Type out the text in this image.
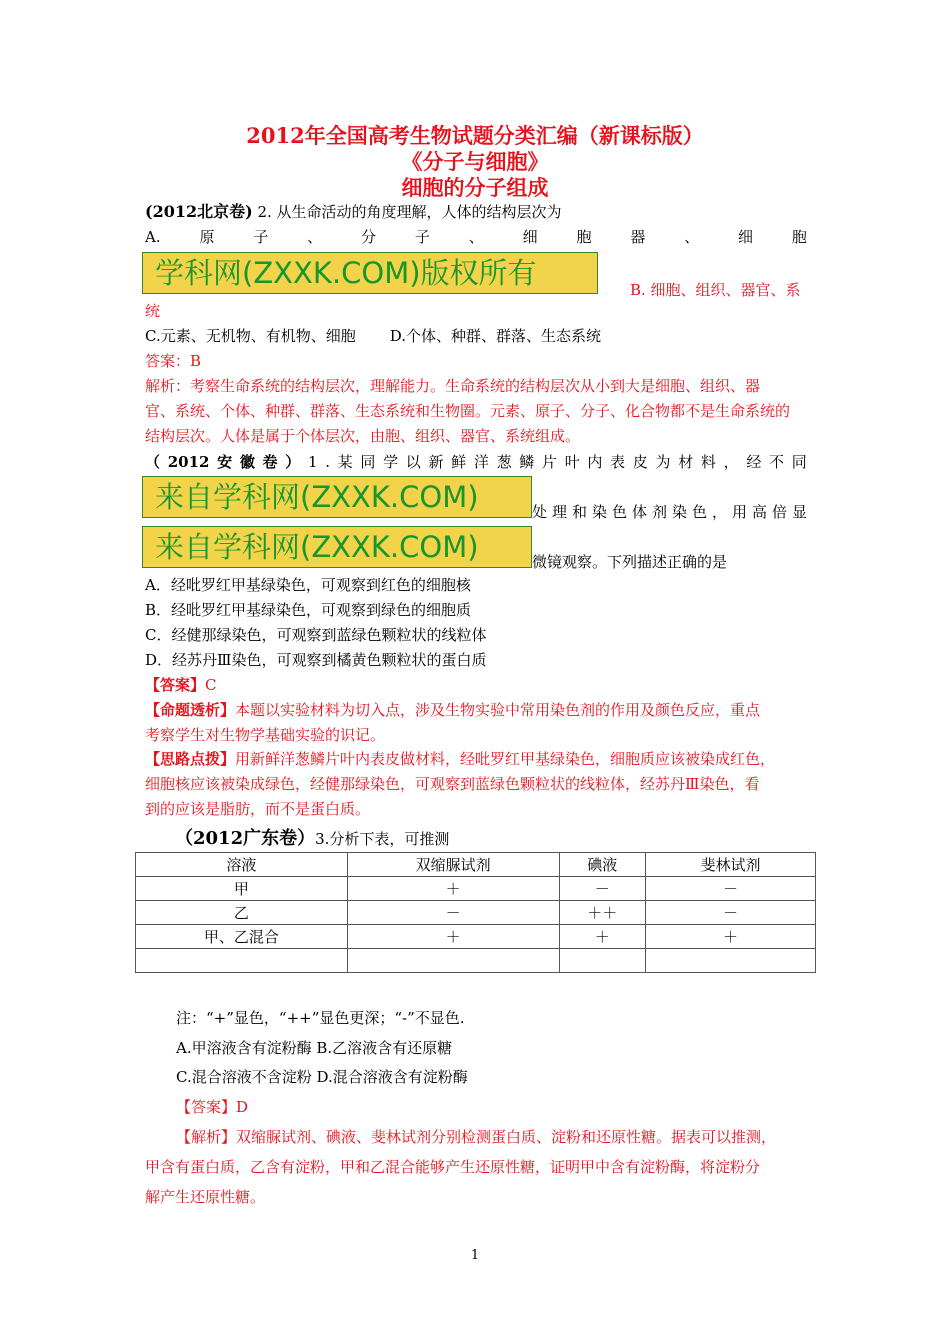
2012年全国高考生物试题分类汇编（新课标版）
《分子与细胞》
细胞的分子组成
(2012北京卷) 2. 从生命活动的角度理解，人体的结构层次为
A.	原	子	、	分	子	、	细	胞	器	、	细	胞
学科网(ZXXK.COM)版权所有	B. 细胞、组织、器官、系
统
C.元素、无机物、有机物、细胞 D.个体、种群、群落、生态系统
答案：B
解析：考察生命系统的结构层次，理解能力。生命系统的结构层次从小到大是细胞、组织、器
官、系统、个体、种群、群落、生态系统和生物圈。元素、原子、分子、化合物都不是生命系统的
结构层次。人体是属于个体层次，由胞、组织、器官、系统组成。
（ 2012 安 徽 卷 ） 1 . 某 同 学 以 新 鲜 洋 葱 鳞 片 叶 内 表 皮 为 材 料 ， 经 不 同
来自学科网(ZXXK.COM)	处理和染色体剂染色，用高倍显
来自学科网(ZXXK.COM)	微镜观察。下列描述正确的是
A．经吡罗红甲基绿染色，可观察到红色的细胞核
B．经吡罗红甲基绿染色，可观察到绿色的细胞质
C．经健那绿染色，可观察到蓝绿色颗粒状的线粒体
D．经苏丹Ⅲ染色，可观察到橘黄色颗粒状的蛋白质
【答案】C
【命题透析】本题以实验材料为切入点，涉及生物实验中常用染色剂的作用及颜色反应，重点
考察学生对生物学基础实验的识记。
【思路点拨】用新鲜洋葱鳞片叶内表皮做材料，经吡罗红甲基绿染色，细胞质应该被染成红色，
细胞核应该被染成绿色，经健那绿染色，可观察到蓝绿色颗粒状的线粒体，经苏丹Ⅲ染色，看
到的应该是脂肪，而不是蛋白质。
（2012广东卷）3.分析下表，可推测
溶液	双缩脲试剂	碘液	斐林试剂
甲	＋	－	－
乙	－	＋＋	－
甲、乙混合	＋	＋	＋

注：“+”显色，“++”显色更深；“-”不显色.
A.甲溶液含有淀粉酶 B.乙溶液含有还原糖
C.混合溶液不含淀粉 D.混合溶液含有淀粉酶
【答案】D
【解析】双缩脲试剂、碘液、斐林试剂分别检测蛋白质、淀粉和还原性糖。据表可以推测，
甲含有蛋白质，乙含有淀粉，甲和乙混合能够产生还原性糖，证明甲中含有淀粉酶，将淀粉分
解产生还原性糖。
1
